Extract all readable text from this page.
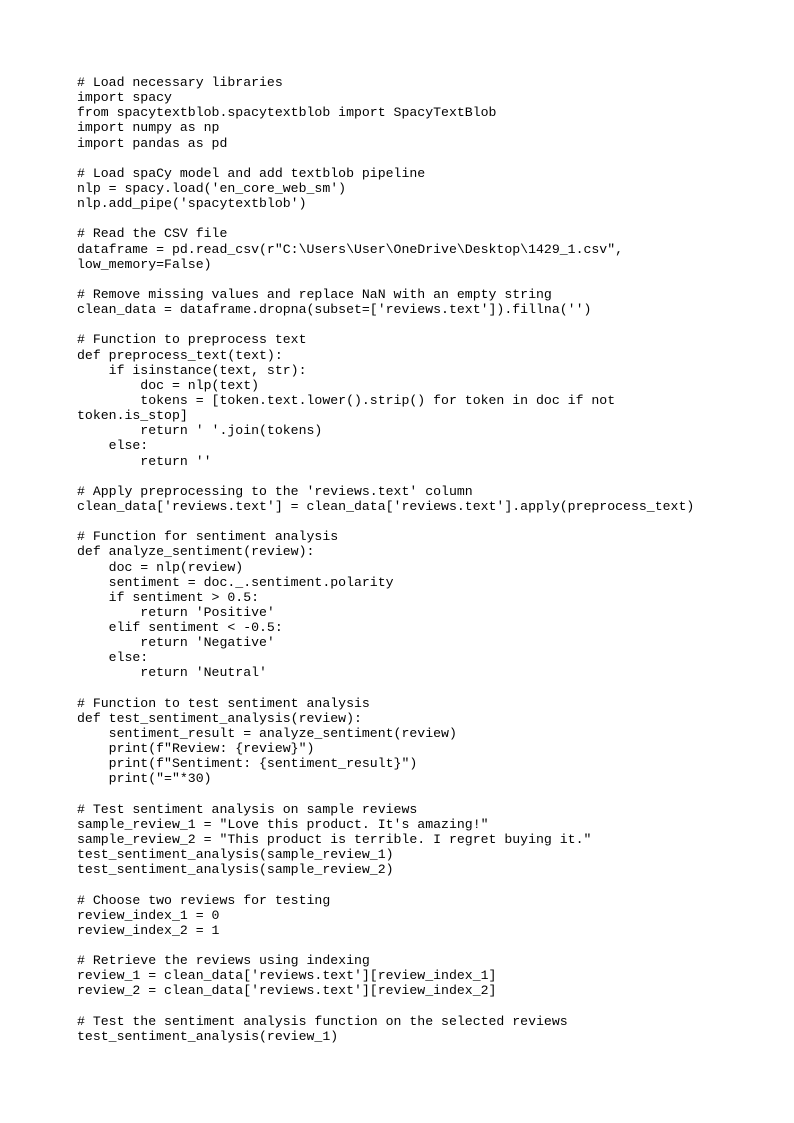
# Load necessary libraries
import spacy
from spacytextblob.spacytextblob import SpacyTextBlob
import numpy as np
import pandas as pd
# Load spaCy model and add textblob pipeline
nlp = spacy.load('en_core_web_sm')
nlp.add_pipe('spacytextblob')
# Read the CSV file
dataframe = pd.read_csv(r"C:\Users\User\OneDrive\Desktop\1429_1.csv",
low_memory=False)
# Remove missing values and replace NaN with an empty string
clean_data = dataframe.dropna(subset=['reviews.text']).fillna('')
# Function to preprocess text
def preprocess_text(text):
if isinstance(text, str):
doc = nlp(text)
tokens = [token.text.lower().strip() for token in doc if not
token.is_stop]
return ' '.join(tokens)
else:
return ''
# Apply preprocessing to the 'reviews.text' column
clean_data['reviews.text'] = clean_data['reviews.text'].apply(preprocess_text)
# Function for sentiment analysis
def analyze_sentiment(review):
doc = nlp(review)
sentiment = doc._.sentiment.polarity
if sentiment > 0.5:
return 'Positive'
elif sentiment < -0.5:
return 'Negative'
else:
return 'Neutral'
# Function to test sentiment analysis
def test_sentiment_analysis(review):
sentiment_result = analyze_sentiment(review)
print(f"Review: {review}")
print(f"Sentiment: {sentiment_result}")
print("="*30)
# Test sentiment analysis on sample reviews
sample_review_1 = "Love this product. It's amazing!"
sample_review_2 = "This product is terrible. I regret buying it."
test_sentiment_analysis(sample_review_1)
test_sentiment_analysis(sample_review_2)
# Choose two reviews for testing
review_index_1 = 0
review_index_2 = 1
# Retrieve the reviews using indexing
review_1 = clean_data['reviews.text'][review_index_1]
review_2 = clean_data['reviews.text'][review_index_2]
# Test the sentiment analysis function on the selected reviews
test_sentiment_analysis(review_1)
